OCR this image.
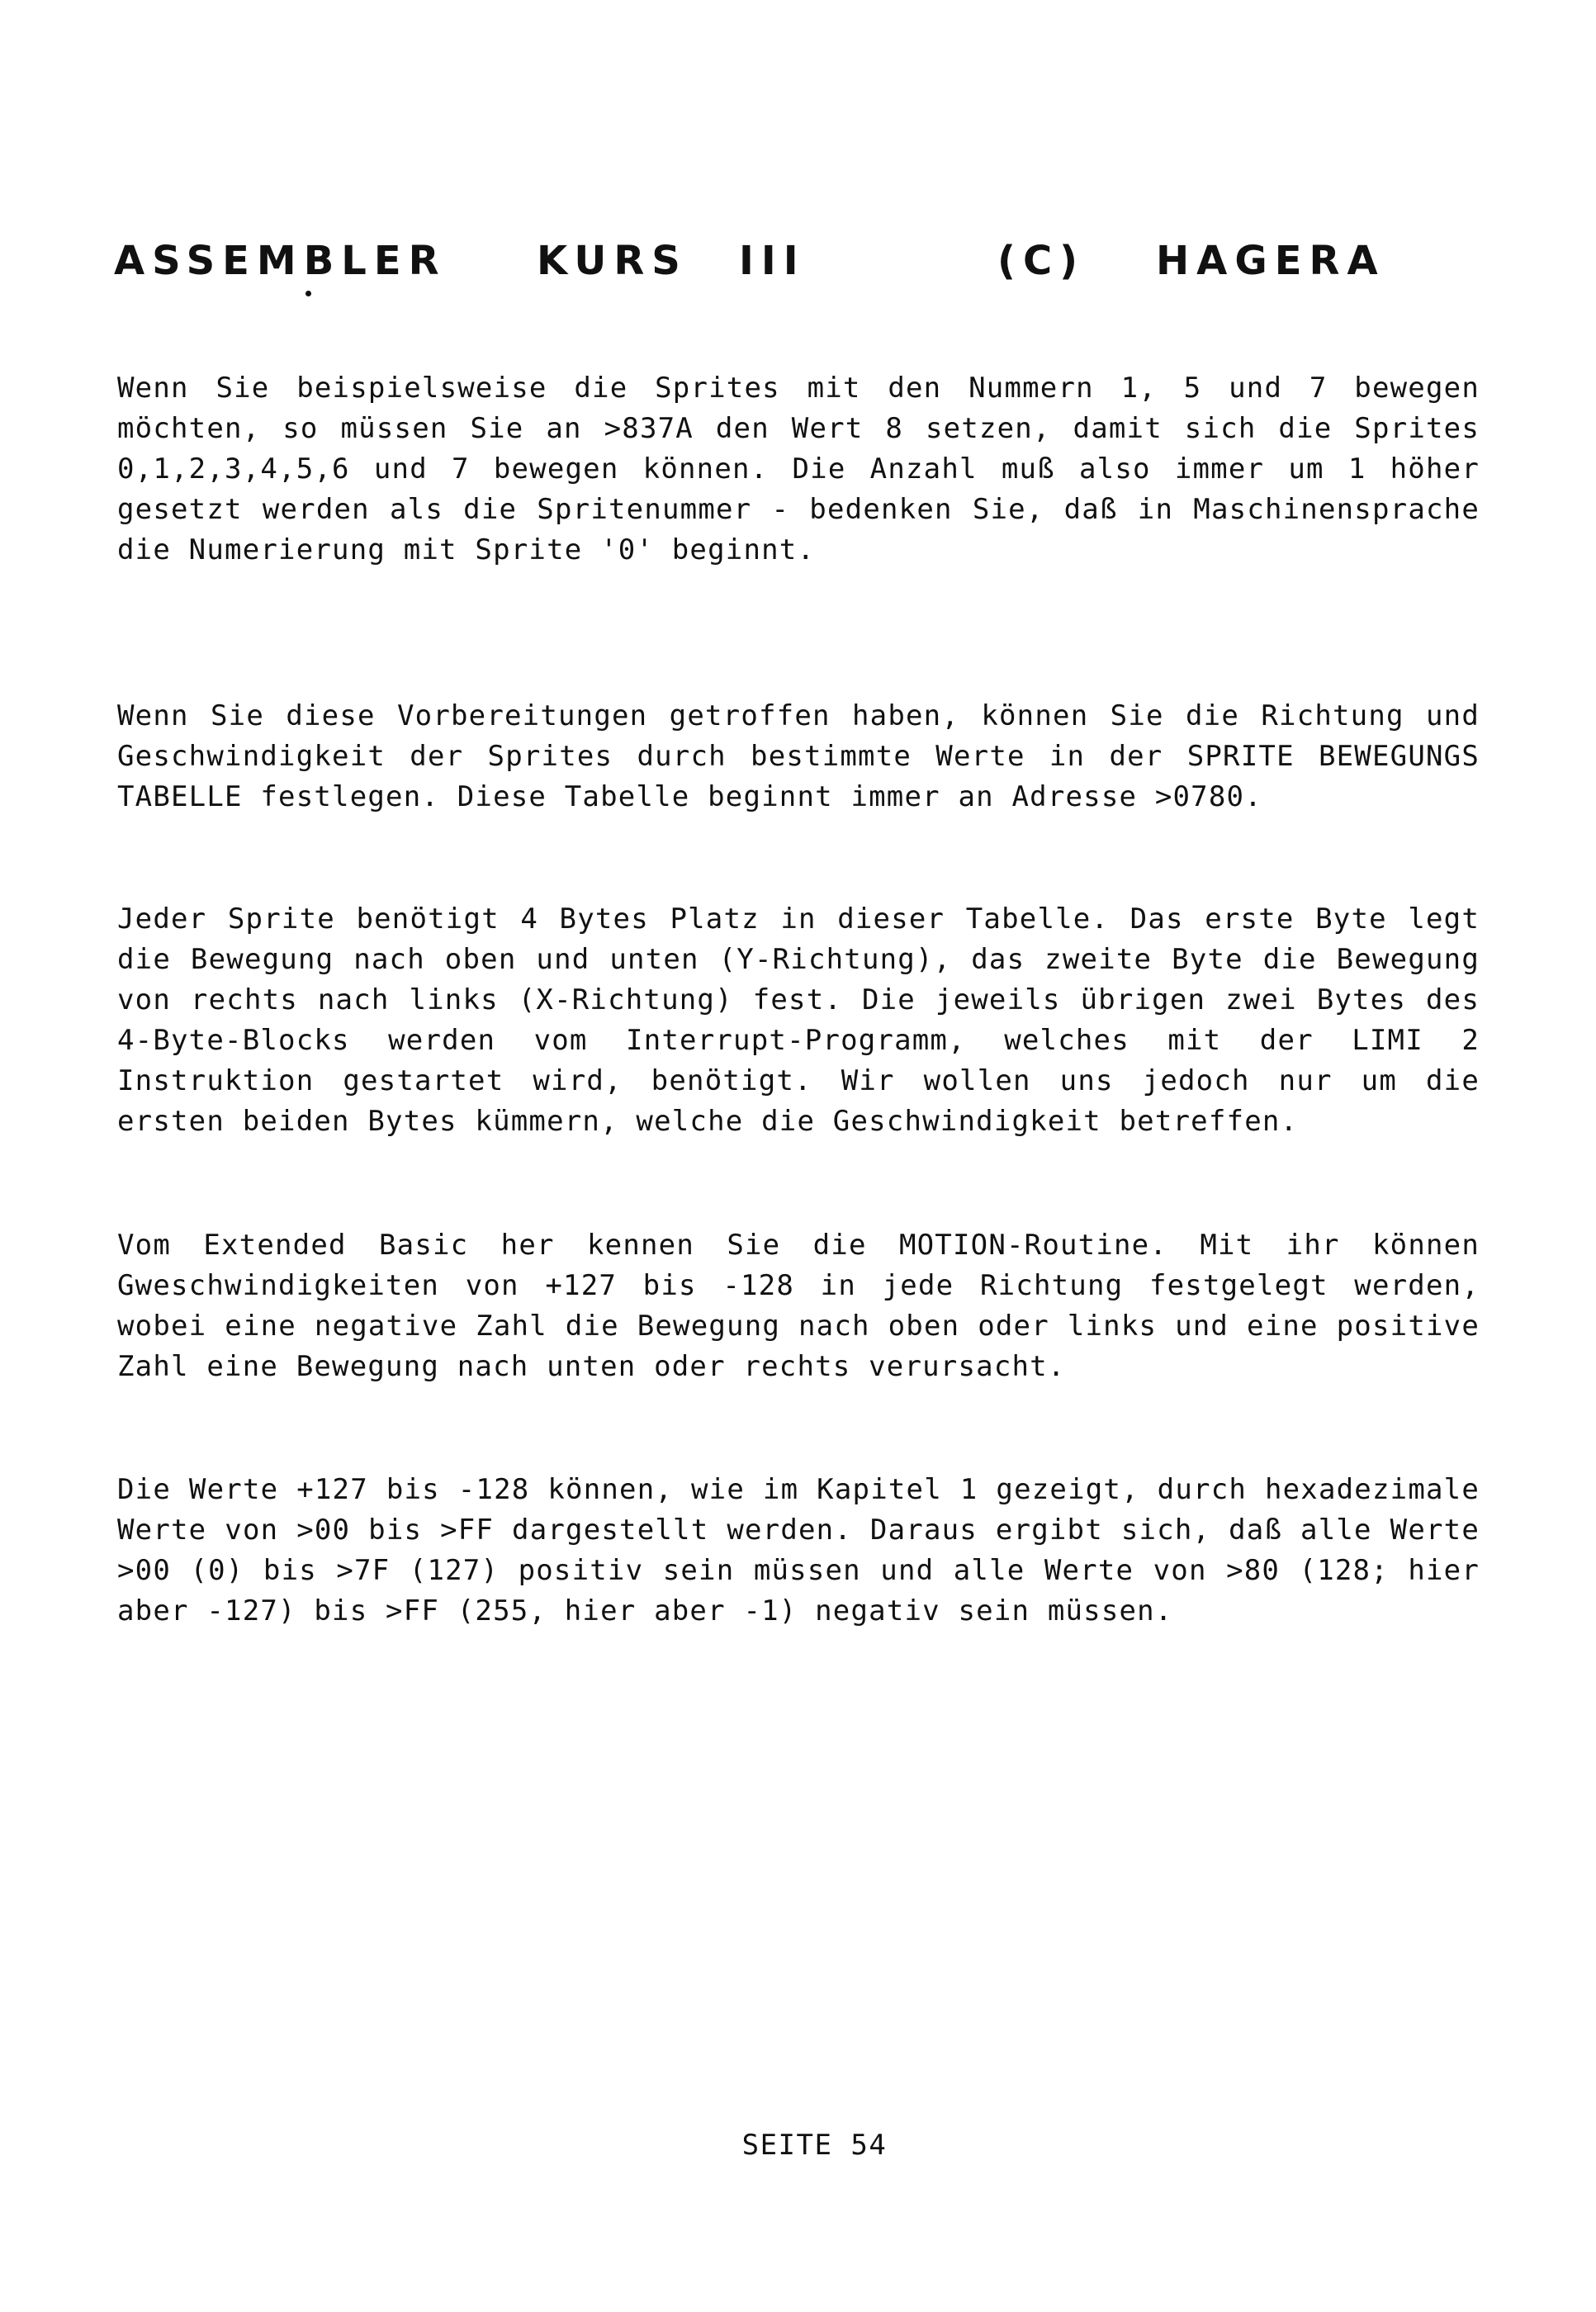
ASSEMBLER KURS III	(C) HAGERA

Wenn Sie beispielsweise die Sprites mit den Nummern 1, 5 und 7 bewegen möchten, so müssen Sie an >837A den Wert 8 setzen, damit sich die Sprites 0,1,2,3,4,5,6 und 7 bewegen können. Die Anzahl muß also immer um 1 höher gesetzt werden als die Spritenummer - bedenken Sie, daß in Maschinensprache die Numerierung mit Sprite '0' beginnt.

Wenn Sie diese Vorbereitungen getroffen haben, können Sie die Richtung und Geschwindigkeit der Sprites durch bestimmte Werte in der SPRITE BEWEGUNGS TABELLE festlegen. Diese Tabelle beginnt immer an Adresse >0780.

Jeder Sprite benötigt 4 Bytes Platz in dieser Tabelle. Das erste Byte legt die Bewegung nach oben und unten (Y-Richtung), das zweite Byte die Bewegung von rechts nach links (X-Richtung) fest. Die jeweils übrigen zwei Bytes des 4-Byte-Blocks werden vom Interrupt-Programm, welches mit der LIMI 2 Instruktion gestartet wird, benötigt. Wir wollen uns jedoch nur um die ersten beiden Bytes kümmern, welche die Geschwindigkeit betreffen.

Vom Extended Basic her kennen Sie die MOTION-Routine. Mit ihr können Gweschwindigkeiten von +127 bis -128 in jede Richtung festgelegt werden, wobei eine negative Zahl die Bewegung nach oben oder links und eine positive Zahl eine Bewegung nach unten oder rechts verursacht.

Die Werte +127 bis -128 können, wie im Kapitel 1 gezeigt, durch hexadezimale Werte von >00 bis >FF dargestellt werden. Daraus ergibt sich, daß alle Werte >00 (0) bis >7F (127) positiv sein müssen und alle Werte von >80 (128; hier aber -127) bis >FF (255, hier aber -1) negativ sein müssen.

SEITE 54
